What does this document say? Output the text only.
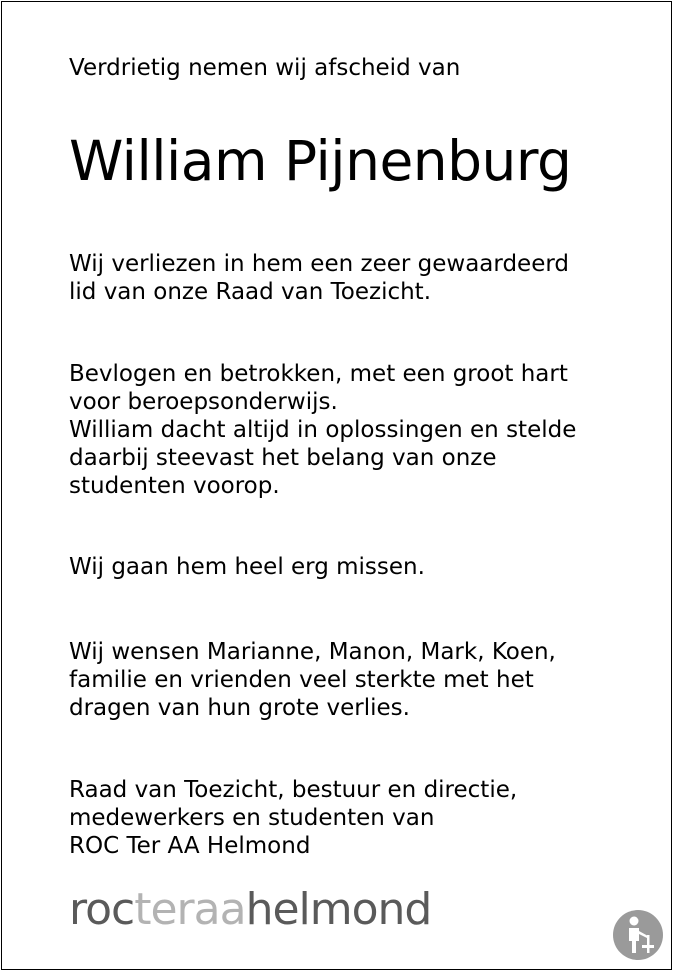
Verdrietig nemen wij afscheid van
William Pijnenburg
Wij verliezen in hem een zeer gewaardeerd
lid van onze Raad van Toezicht.
Bevlogen en betrokken, met een groot hart
voor beroepsonderwijs.
William dacht altijd in oplossingen en stelde
daarbij steevast het belang van onze
studenten voorop.
Wij gaan hem heel erg missen.
Wij wensen Marianne, Manon, Mark, Koen,
familie en vrienden veel sterkte met het
dragen van hun grote verlies.
Raad van Toezicht, bestuur en directie,
medewerkers en studenten van
ROC Ter AA Helmond
rocteraahelmond
